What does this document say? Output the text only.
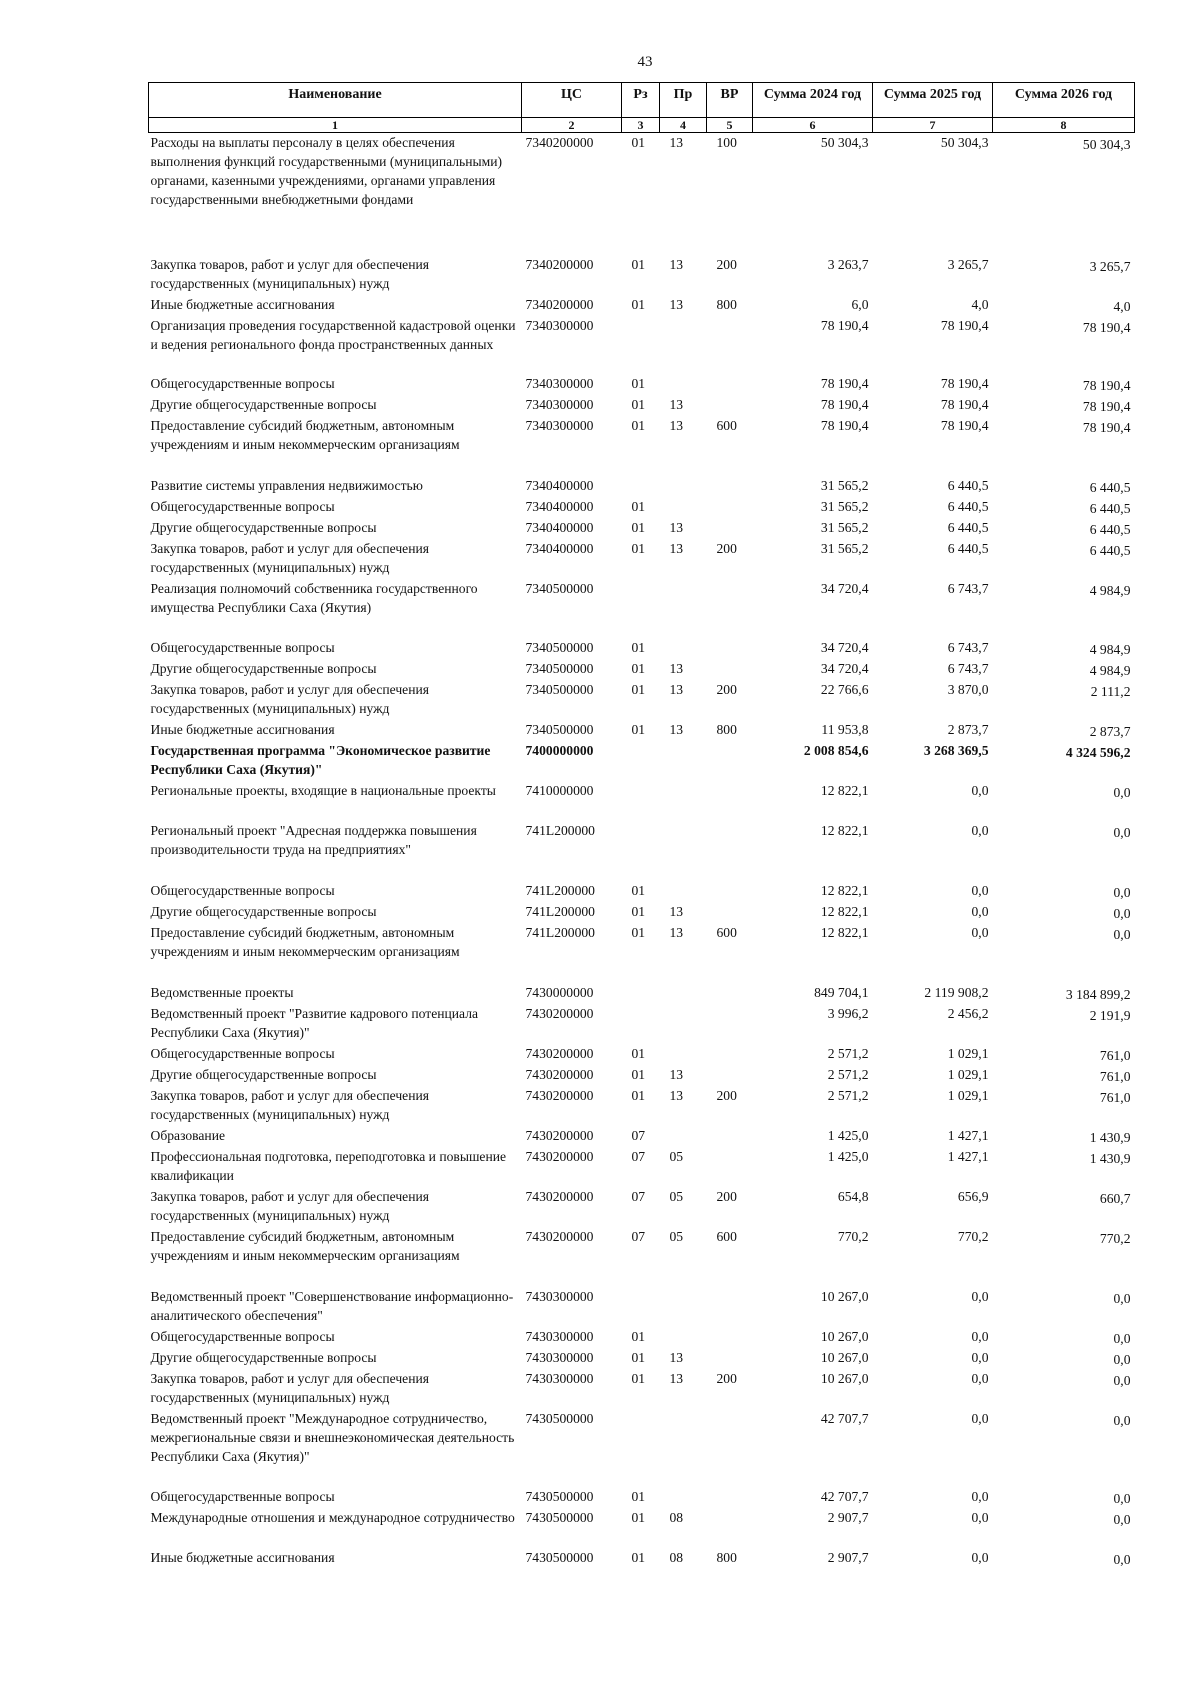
43
Наименование	ЦС	Рз	Пр	ВР	Сумма 2024 год	Сумма 2025 год	Сумма 2026 год
1	2	3	4	5	6	7	8
Расходы на выплаты персоналу в целях обеспечения выполнения функций государственными (муниципальными) органами, казенными учреждениями, органами управления государственными внебюджетными фондами	7340200000	01	13	100	50 304,3	50 304,3	50 304,3
Закупка товаров, работ и услуг для обеспечения государственных (муниципальных) нужд	7340200000	01	13	200	3 263,7	3 265,7	3 265,7
Иные бюджетные ассигнования	7340200000	01	13	800	6,0	4,0	4,0
Организация проведения государственной кадастровой оценки и ведения регионального фонда пространственных данных	7340300000				78 190,4	78 190,4	78 190,4
Общегосударственные вопросы	7340300000	01			78 190,4	78 190,4	78 190,4
Другие общегосударственные вопросы	7340300000	01	13		78 190,4	78 190,4	78 190,4
Предоставление субсидий бюджетным, автономным учреждениям и иным некоммерческим организациям	7340300000	01	13	600	78 190,4	78 190,4	78 190,4
Развитие системы управления недвижимостью	7340400000				31 565,2	6 440,5	6 440,5
Общегосударственные вопросы	7340400000	01			31 565,2	6 440,5	6 440,5
Другие общегосударственные вопросы	7340400000	01	13		31 565,2	6 440,5	6 440,5
Закупка товаров, работ и услуг для обеспечения государственных (муниципальных) нужд	7340400000	01	13	200	31 565,2	6 440,5	6 440,5
Реализация полномочий собственника государственного имущества Республики Саха (Якутия)	7340500000				34 720,4	6 743,7	4 984,9
Общегосударственные вопросы	7340500000	01			34 720,4	6 743,7	4 984,9
Другие общегосударственные вопросы	7340500000	01	13		34 720,4	6 743,7	4 984,9
Закупка товаров, работ и услуг для обеспечения государственных (муниципальных) нужд	7340500000	01	13	200	22 766,6	3 870,0	2 111,2
Иные бюджетные ассигнования	7340500000	01	13	800	11 953,8	2 873,7	2 873,7
Государственная программа "Экономическое развитие Республики Саха (Якутия)"	7400000000				2 008 854,6	3 268 369,5	4 324 596,2
Региональные проекты, входящие в национальные проекты	7410000000				12 822,1	0,0	0,0
Региональный проект "Адресная поддержка повышения производительности труда на предприятиях"	741L200000				12 822,1	0,0	0,0
Общегосударственные вопросы	741L200000	01			12 822,1	0,0	0,0
Другие общегосударственные вопросы	741L200000	01	13		12 822,1	0,0	0,0
Предоставление субсидий бюджетным, автономным учреждениям и иным некоммерческим организациям	741L200000	01	13	600	12 822,1	0,0	0,0
Ведомственные проекты	7430000000				849 704,1	2 119 908,2	3 184 899,2
Ведомственный проект "Развитие кадрового потенциала Республики Саха (Якутия)"	7430200000				3 996,2	2 456,2	2 191,9
Общегосударственные вопросы	7430200000	01			2 571,2	1 029,1	761,0
Другие общегосударственные вопросы	7430200000	01	13		2 571,2	1 029,1	761,0
Закупка товаров, работ и услуг для обеспечения государственных (муниципальных) нужд	7430200000	01	13	200	2 571,2	1 029,1	761,0
Образование	7430200000	07			1 425,0	1 427,1	1 430,9
Профессиональная подготовка, переподготовка и повышение квалификации	7430200000	07	05		1 425,0	1 427,1	1 430,9
Закупка товаров, работ и услуг для обеспечения государственных (муниципальных) нужд	7430200000	07	05	200	654,8	656,9	660,7
Предоставление субсидий бюджетным, автономным учреждениям и иным некоммерческим организациям	7430200000	07	05	600	770,2	770,2	770,2
Ведомственный проект "Совершенствование информационно-аналитического обеспечения"	7430300000				10 267,0	0,0	0,0
Общегосударственные вопросы	7430300000	01			10 267,0	0,0	0,0
Другие общегосударственные вопросы	7430300000	01	13		10 267,0	0,0	0,0
Закупка товаров, работ и услуг для обеспечения государственных (муниципальных) нужд	7430300000	01	13	200	10 267,0	0,0	0,0
Ведомственный проект "Международное сотрудничество, межрегиональные связи и внешнеэкономическая деятельность Республики Саха (Якутия)"	7430500000				42 707,7	0,0	0,0
Общегосударственные вопросы	7430500000	01			42 707,7	0,0	0,0
Международные отношения и международное сотрудничество	7430500000	01	08		2 907,7	0,0	0,0
Иные бюджетные ассигнования	7430500000	01	08	800	2 907,7	0,0	0,0
